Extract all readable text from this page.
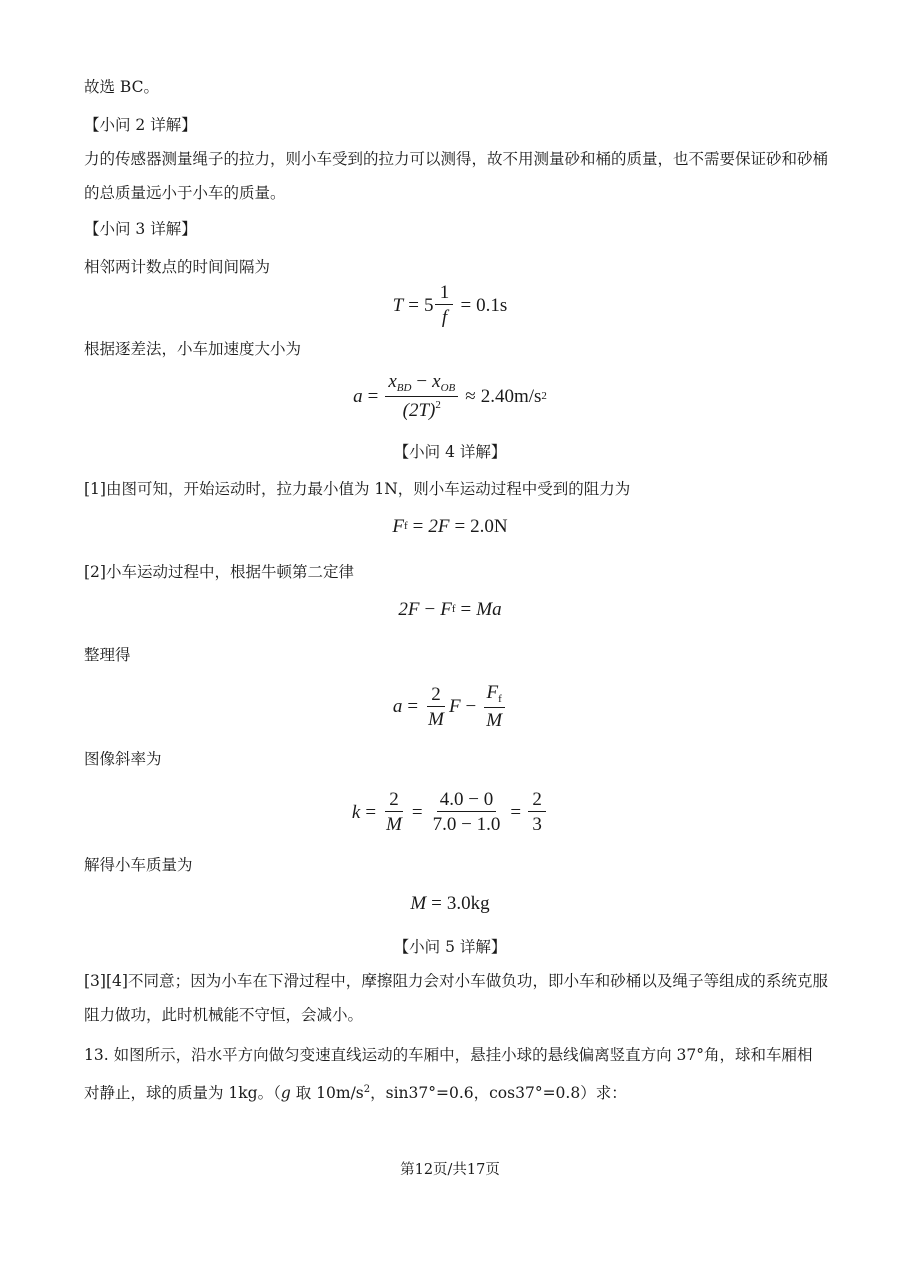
故选 BC。
【小问 2 详解】
力的传感器测量绳子的拉力，则小车受到的拉力可以测得，故不用测量砂和桶的质量，也不需要保证砂和砂桶的总质量远小于小车的质量。
【小问 3 详解】
相邻两计数点的时间间隔为
$T = 5 \frac{1}{f} = 0.1s$
根据逐差法，小车加速度大小为
$a = \frac{x_{BD} - x_{OB}}{(2T)^2} \approx 2.40m/s$ 2
【小问 4 详解】
[1]由图可知，开始运动时，拉力最小值为 1N，则小车运动过程中受到的阻力为
F f = 2F = 2.0N
[2]小车运动过程中，根据牛顿第二定律
2F − F f = Ma
整理得
$a = \frac{2}{M}$ $F - \frac{F_f}{M}$
图像斜率为
$k = \frac{2}{M} = \frac{4.0 - 0}{7.0 - 1.0} = \frac{2}{3}$
解得小车质量为
M = 3.0kg
【小问 5 详解】
[3][4]不同意；因为小车在下滑过程中，摩擦阻力会对小车做负功，即小车和砂桶以及绳子等组成的系统克服阻力做功，此时机械能不守恒，会减小。
13. 如图所示，沿水平方向做匀变速直线运动的车厢中，悬挂小球的悬线偏离竖直方向 37°角，球和车厢相
对静止，球的质量为 1kg。（g 取 $10m/s^2$，sin37°=0.6，cos37°=0.8）求：
第12页/共17页
